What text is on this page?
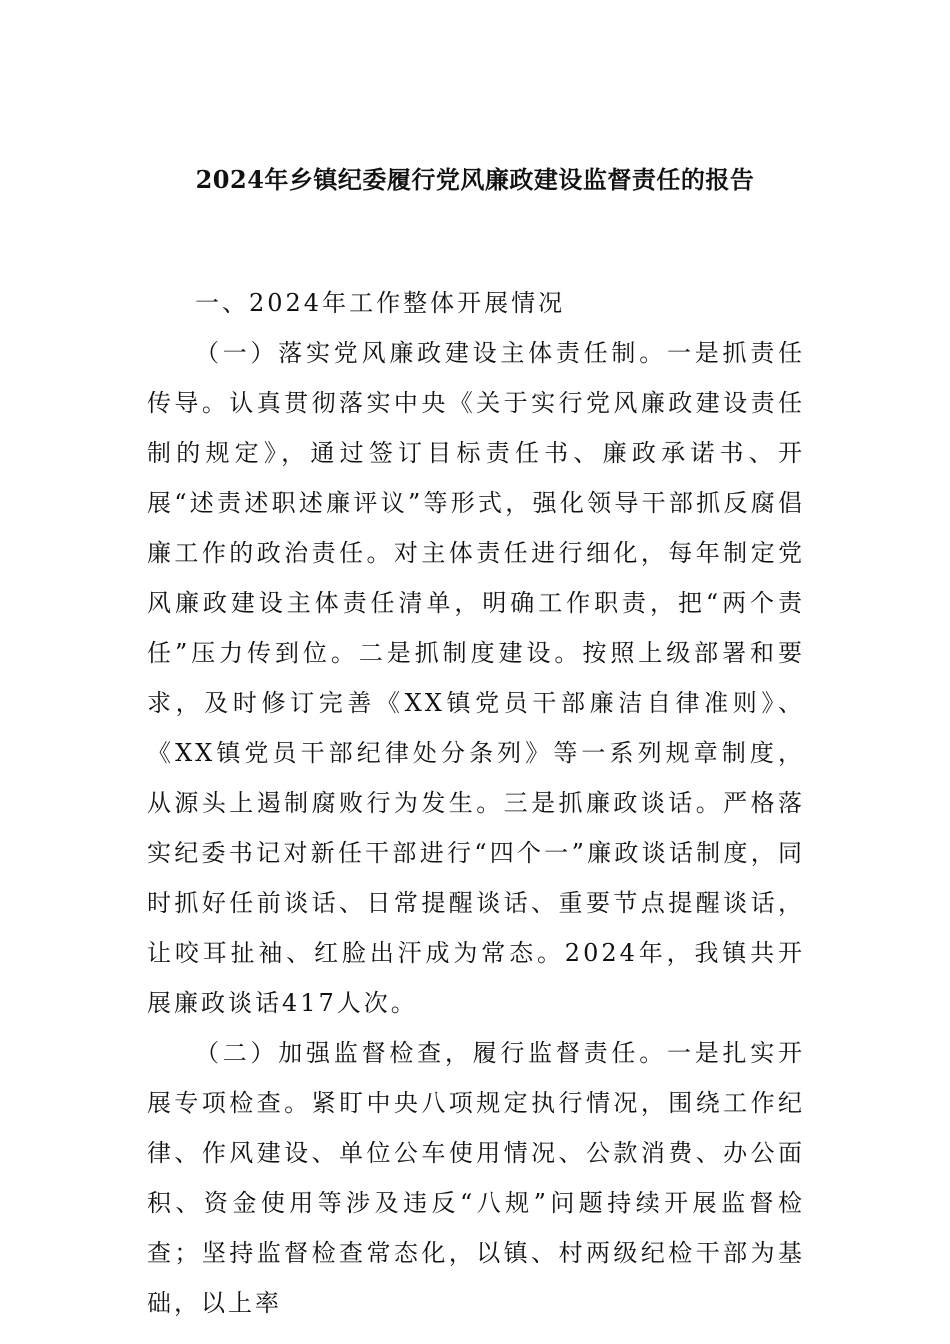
2024年乡镇纪委履行党风廉政建设监督责任的报告

一、2024年工作整体开展情况

（一）落实党风廉政建设主体责任制。一是抓责任传导。认真贯彻落实中央《关于实行党风廉政建设责任制的规定》，通过签订目标责任书、廉政承诺书、开展“述责述职述廉评议”等形式，强化领导干部抓反腐倡廉工作的政治责任。对主体责任进行细化，每年制定党风廉政建设主体责任清单，明确工作职责，把“两个责任”压力传到位。二是抓制度建设。按照上级部署和要求，及时修订完善《XX镇党员干部廉洁自律准则》、《XX镇党员干部纪律处分条列》等一系列规章制度，从源头上遏制腐败行为发生。三是抓廉政谈话。严格落实纪委书记对新任干部进行“四个一”廉政谈话制度，同时抓好任前谈话、日常提醒谈话、重要节点提醒谈话，让咬耳扯袖、红脸出汗成为常态。2024年，我镇共开展廉政谈话417人次。

（二）加强监督检查，履行监督责任。一是扎实开展专项检查。紧盯中央八项规定执行情况，围绕工作纪律、作风建设、单位公车使用情况、公款消费、办公面积、资金使用等涉及违反“八规”问题持续开展监督检查；坚持监督检查常态化，以镇、村两级纪检干部为基础，以上率
